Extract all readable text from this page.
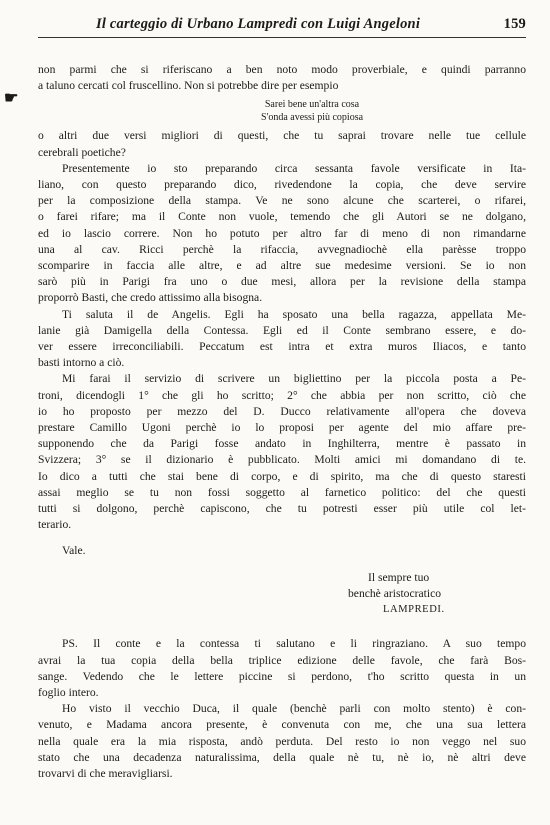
Il carteggio di Urbano Lampredi con Luigi Angeloni	159
☛
non parmi che si riferiscano a ben noto modo proverbiale, e quindi parranno
a taluno cercati col fruscellino. Non si potrebbe dire per esempio
Sarei bene un'altra cosa
S'onda avessi più copiosa
o altri due versi migliori di questi, che tu saprai trovare nelle tue cellule
cerebrali poetiche?
Presentemente io sto preparando circa sessanta favole versificate in Ita-
liano, con questo preparando dico, rivedendone la copia, che deve servire
per la composizione della stampa. Ve ne sono alcune che scarterei, o rifarei,
o farei rifare; ma il Conte non vuole, temendo che gli Autori se ne dolgano,
ed io lascio correre. Non ho potuto per altro far di meno di non rimandarne
una al cav. Ricci perchè la rifaccia, avvegnadiochè ella parèsse troppo
scomparire in faccia alle altre, e ad altre sue medesime versioni. Se io non
sarò più in Parigi fra uno o due mesi, allora per la revisione della stampa
proporrò Basti, che credo attissimo alla bisogna.
Ti saluta il de Angelis. Egli ha sposato una bella ragazza, appellata Me-
lanie già Damigella della Contessa. Egli ed il Conte sembrano essere, e do-
ver essere irreconciliabili. Peccatum est intra et extra muros Iliacos, e tanto
basti intorno a ciò.
Mi farai il servizio di scrivere un bigliettino per la piccola posta a Pe-
troni, dicendogli 1° che gli ho scritto; 2° che abbia per non scritto, ciò che
io ho proposto per mezzo del D. Ducco relativamente all'opera che doveva
prestare Camillo Ugoni perchè io lo proposi per agente del mio affare pre-
supponendo che da Parigi fosse andato in Inghilterra, mentre è passato in
Svizzera; 3° se il dizionario è pubblicato. Molti amici mi domandano di te.
Io dico a tutti che stai bene di corpo, e di spirito, ma che di questo staresti
assai meglio se tu non fossi soggetto al farnetico politico: del che questi
tutti si dolgono, perchè capiscono, che tu potresti esser più utile col let-
terario.
Vale.
Il sempre tuo
benchè aristocratico
LAMPREDI.
PS. Il conte e la contessa ti salutano e li ringraziano. A suo tempo
avrai la tua copia della bella triplice edizione delle favole, che farà Bos-
sange. Vedendo che le lettere piccine si perdono, t'ho scritto questa in un
foglio intero.
Ho visto il vecchio Duca, il quale (benchè parli con molto stento) è con-
venuto, e Madama ancora presente, è convenuta con me, che una sua lettera
nella quale era la mia risposta, andò perduta. Del resto io non veggo nel suo
stato che una decadenza naturalissima, della quale nè tu, nè io, nè altri deve
trovarvi di che meravigliarsi.
